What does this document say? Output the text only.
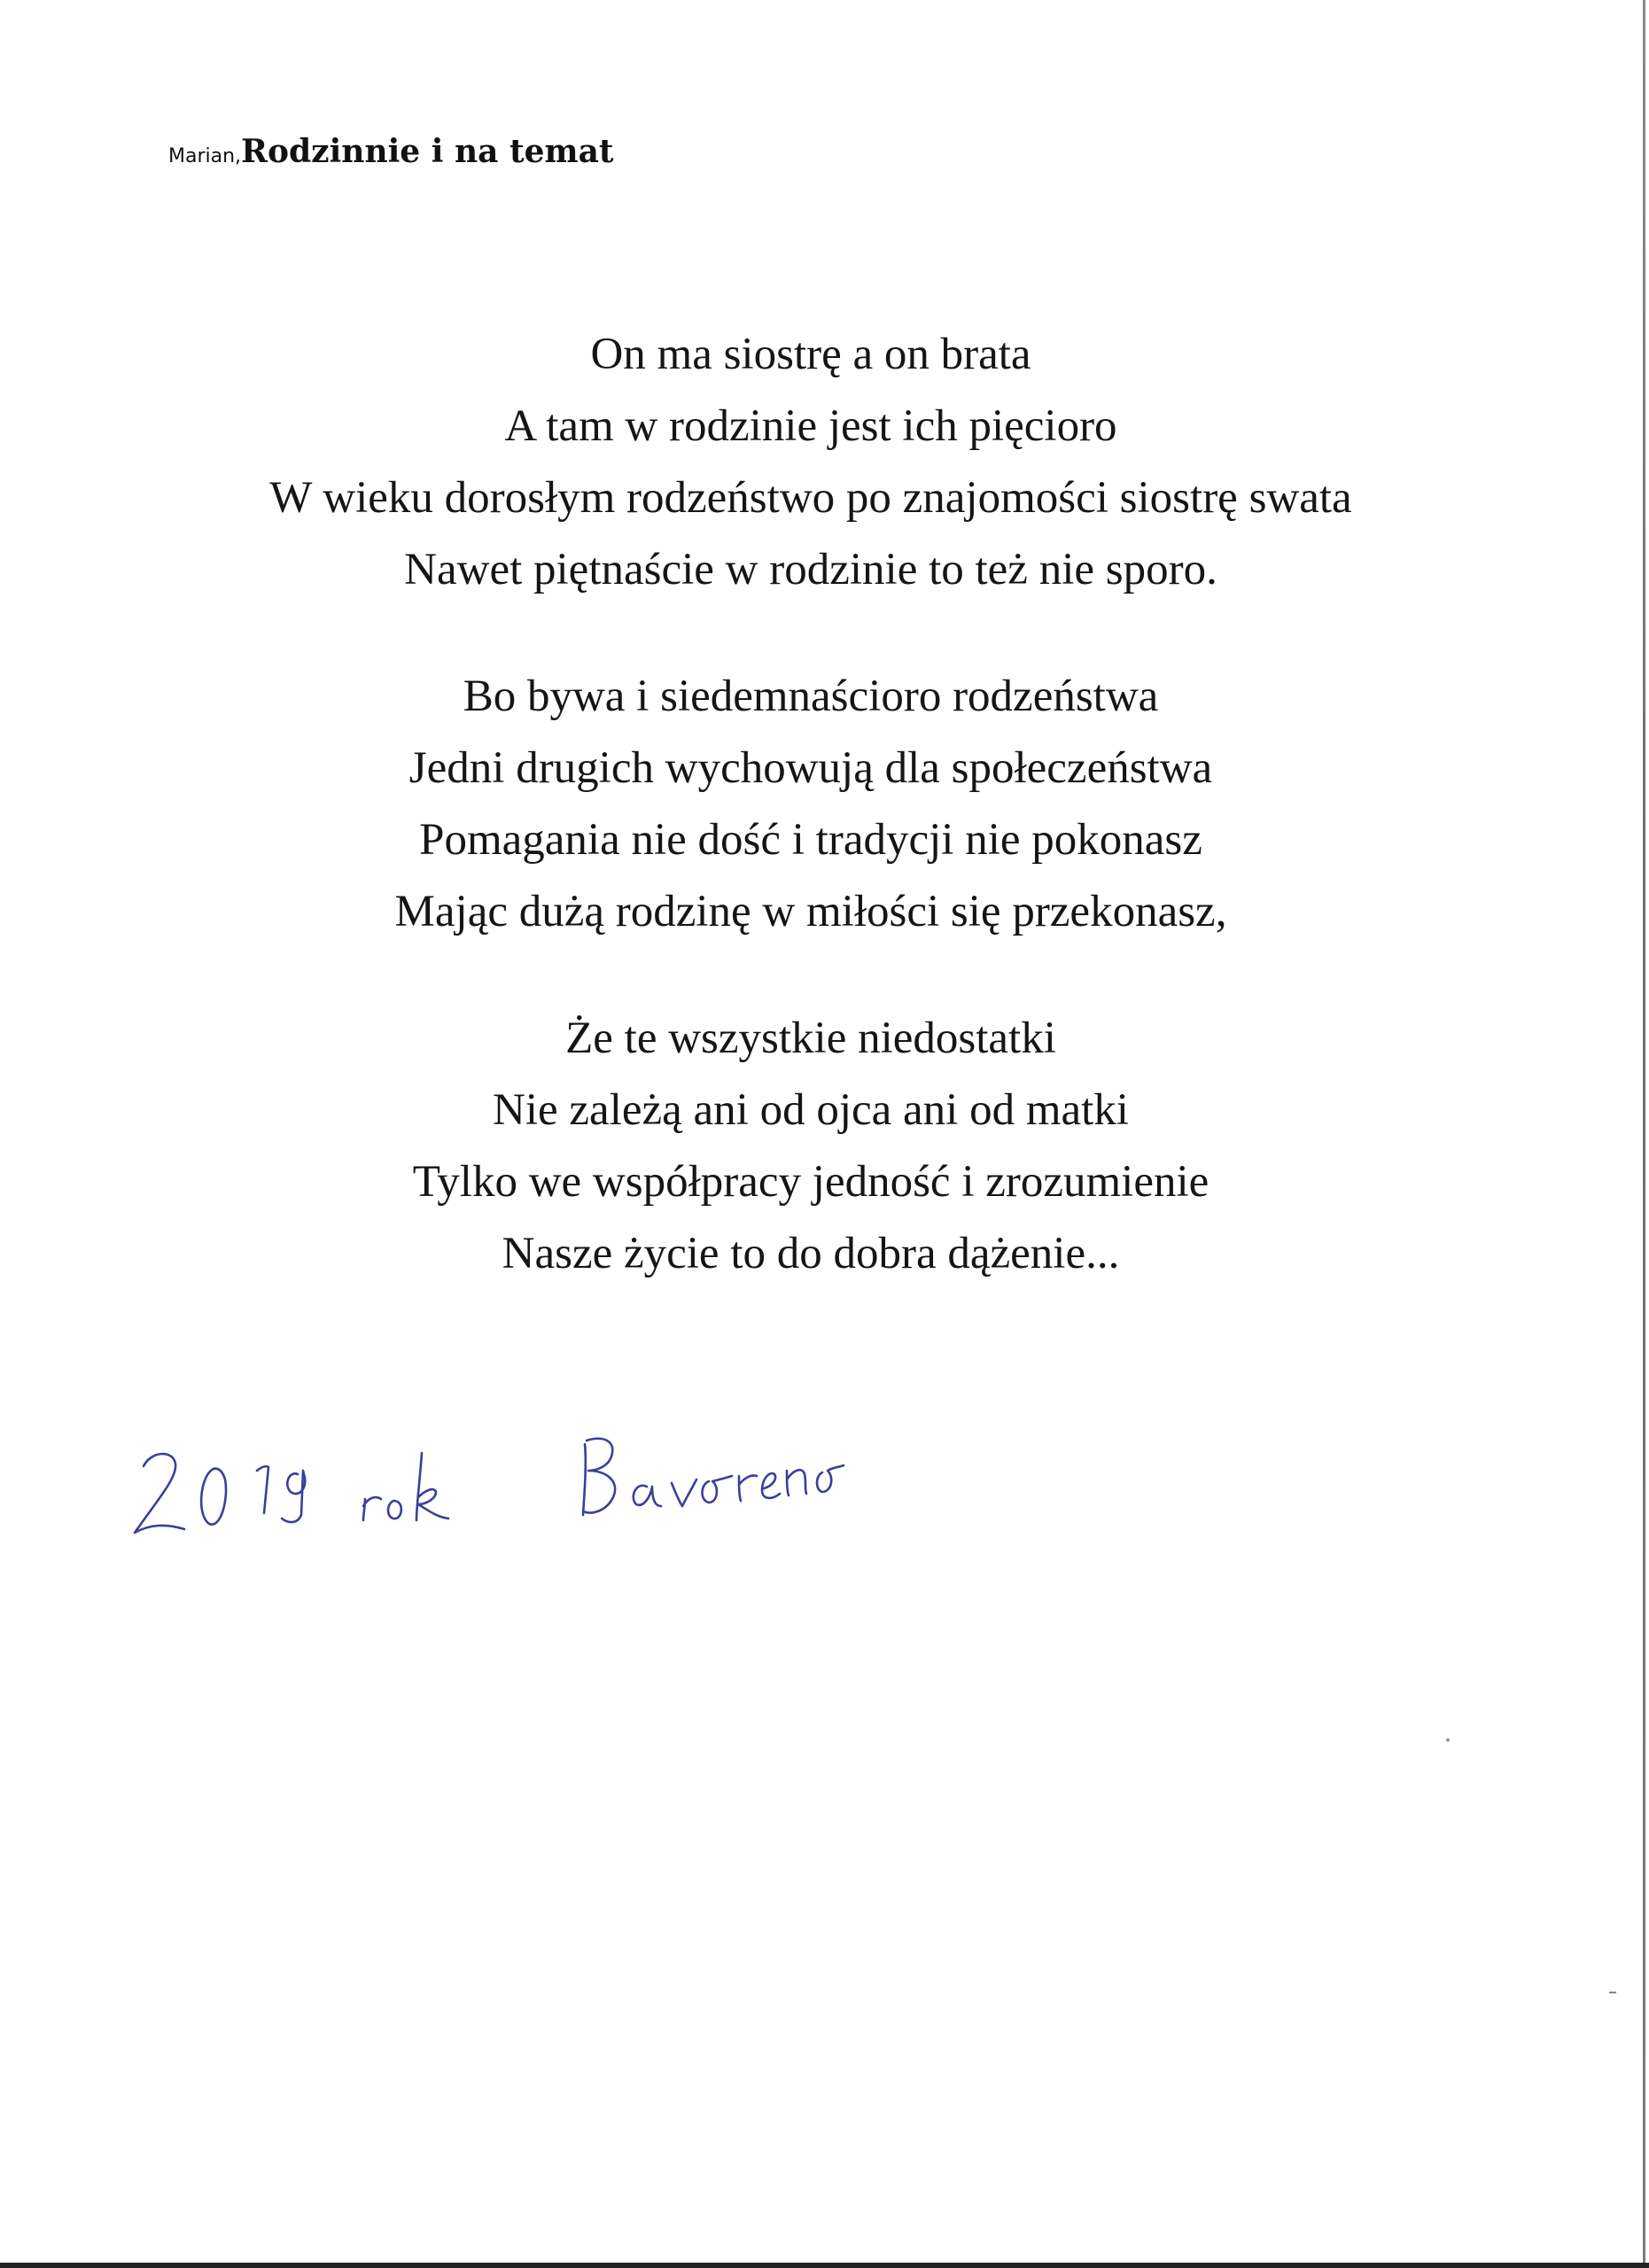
Marian,Rodzinnie i na temat
On ma siostrę a on brata
A tam w rodzinie jest ich pięcioro
W wieku dorosłym rodzeństwo po znajomości siostrę swata
Nawet piętnaście w rodzinie to też nie sporo.
Bo bywa i siedemnaścioro rodzeństwa
Jedni drugich wychowują dla społeczeństwa
Pomagania nie dość i tradycji nie pokonasz
Mając dużą rodzinę w miłości się przekonasz,
Że te wszystkie niedostatki
Nie zależą ani od ojca ani od matki
Tylko we współpracy jedność i zrozumienie
Nasze życie to do dobra dążenie...
